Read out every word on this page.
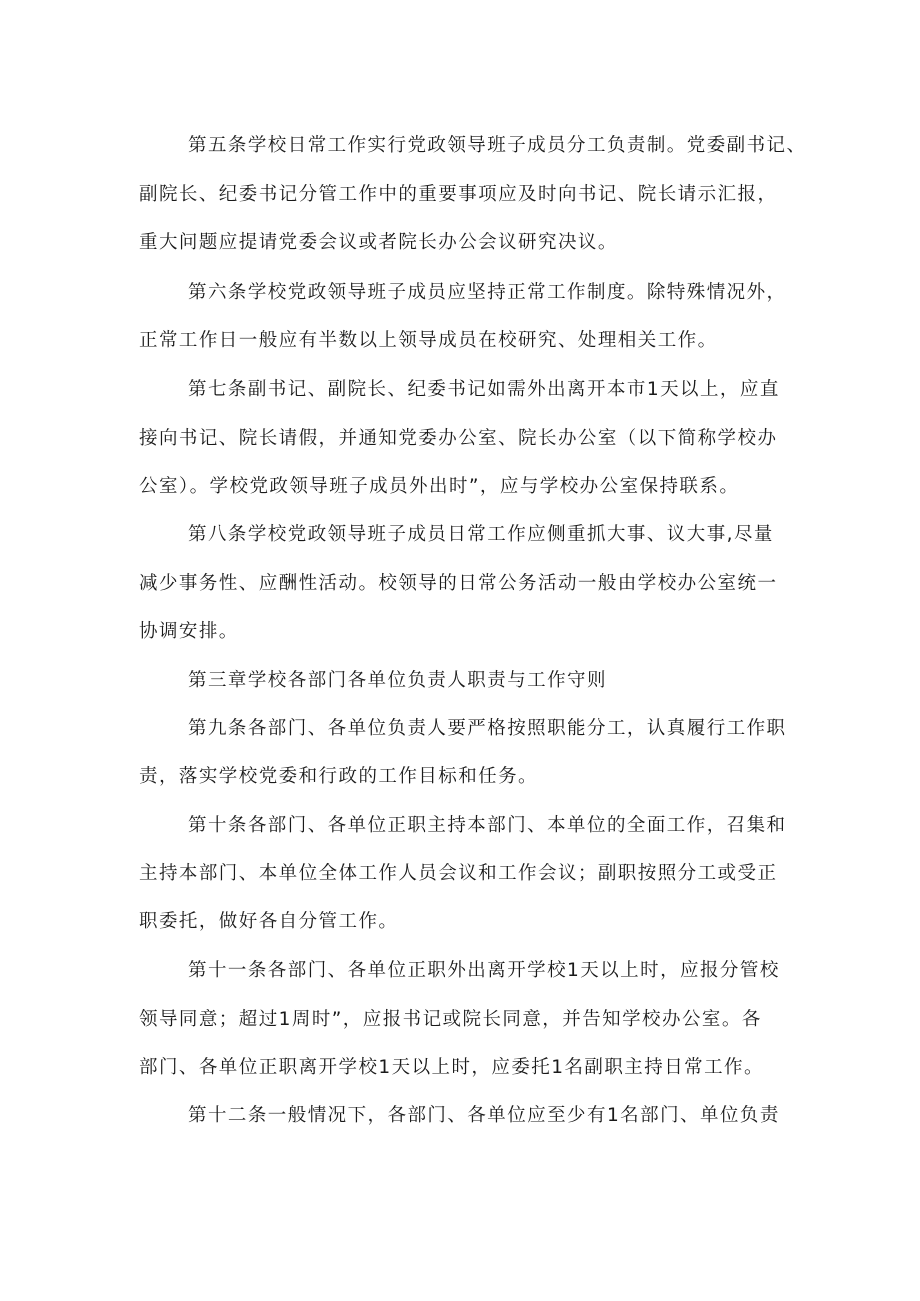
第五条学校日常工作实行党政领导班子成员分工负责制。党委副书记、
副院长、纪委书记分管工作中的重要事项应及时向书记、院长请示汇报，
重大问题应提请党委会议或者院长办公会议研究决议。
第六条学校党政领导班子成员应坚持正常工作制度。除特殊情况外，
正常工作日一般应有半数以上领导成员在校研究、处理相关工作。
第七条副书记、副院长、纪委书记如需外出离开本市1天以上，应直
接向书记、院长请假，并通知党委办公室、院长办公室（以下简称学校办
公室）。学校党政领导班子成员外出时”，应与学校办公室保持联系。
第八条学校党政领导班子成员日常工作应侧重抓大事、议大事,尽量
减少事务性、应酬性活动。校领导的日常公务活动一般由学校办公室统一
协调安排。
第三章学校各部门各单位负责人职责与工作守则
第九条各部门、各单位负责人要严格按照职能分工，认真履行工作职
责，落实学校党委和行政的工作目标和任务。
第十条各部门、各单位正职主持本部门、本单位的全面工作，召集和
主持本部门、本单位全体工作人员会议和工作会议；副职按照分工或受正
职委托，做好各自分管工作。
第十一条各部门、各单位正职外出离开学校1天以上时，应报分管校
领导同意；超过1周时”，应报书记或院长同意，并告知学校办公室。各
部门、各单位正职离开学校1天以上时，应委托1名副职主持日常工作。
第十二条一般情况下，各部门、各单位应至少有1名部门、单位负责
